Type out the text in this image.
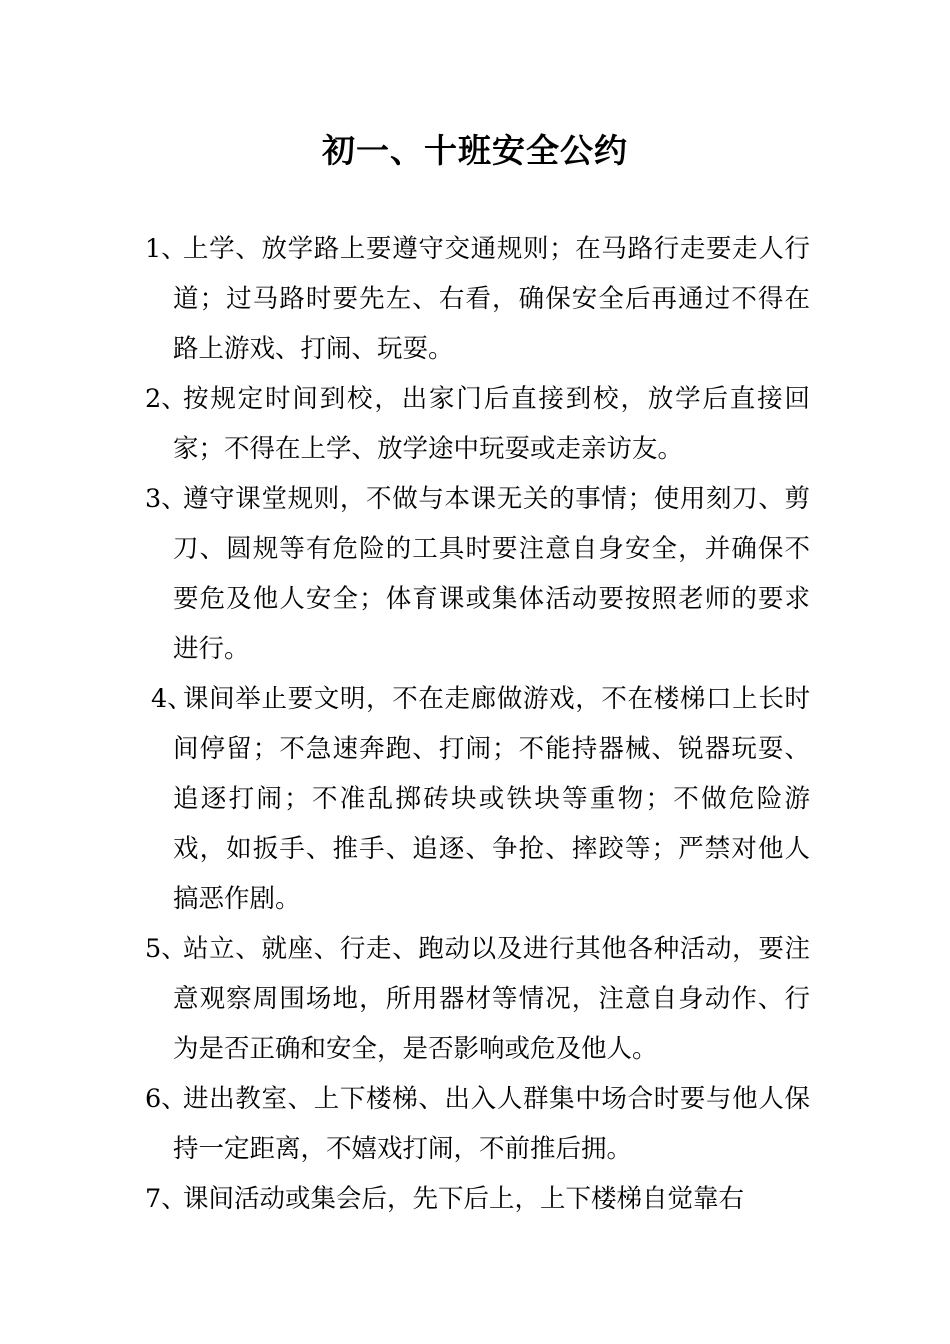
初一、十班安全公约
1、
上学、放学路上要遵守交通规则；在马路行走要走人行道；过马路时要先左、右看，确保安全后再通过不得在路上游戏、打闹、玩耍。
2、
按规定时间到校，出家门后直接到校，放学后直接回家；不得在上学、放学途中玩耍或走亲访友。
3、
遵守课堂规则，不做与本课无关的事情；使用刻刀、剪刀、圆规等有危险的工具时要注意自身安全，并确保不要危及他人安全；体育课或集体活动要按照老师的要求进行。
4、
课间举止要文明，不在走廊做游戏，不在楼梯口上长时间停留；不急速奔跑、打闹；不能持器械、锐器玩耍、追逐打闹；不准乱掷砖块或铁块等重物；不做危险游戏，如扳手、推手、追逐、争抢、摔跤等；严禁对他人搞恶作剧。
5、
站立、就座、行走、跑动以及进行其他各种活动，要注意观察周围场地，所用器材等情况，注意自身动作、行为是否正确和安全，是否影响或危及他人。
6、
进出教室、上下楼梯、出入人群集中场合时要与他人保持一定距离，不嬉戏打闹，不前推后拥。
7、
课间活动或集会后，先下后上，上下楼梯自觉靠右
